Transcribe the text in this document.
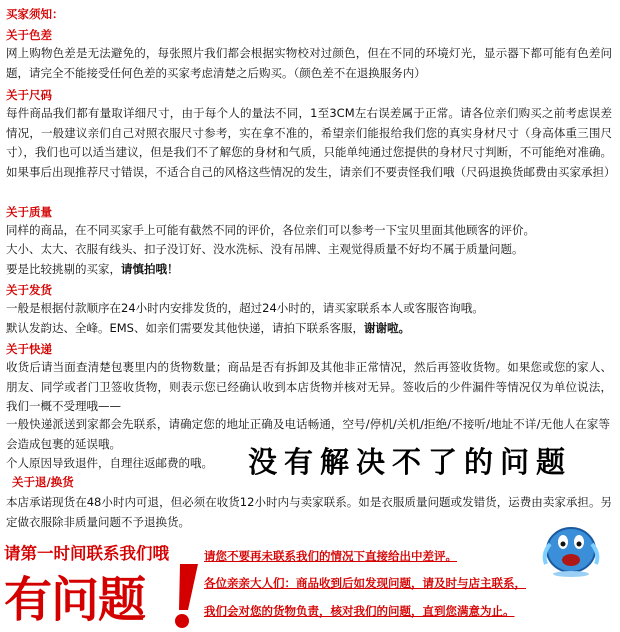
买家须知：
关于色差
网上购物色差是无法避免的，每张照片我们都会根据实物校对过颜色，但在不同的环境灯光，显示器下都可能有色差问题，请完全不能接受任何色差的买家考虑清楚之后购买。（颜色差不在退换服务内）
关于尺码
每件商品我们都有量取详细尺寸，由于每个人的量法不同，1至3CM左右误差属于正常。请各位亲们购买之前考虑误差情况，一般建议亲们自己对照衣服尺寸参考，实在拿不准的，希望亲们能报给我们您的真实身材尺寸（身高体重三围尺寸），我们也可以适当建议，但是我们不了解您的身材和气质，只能单纯通过您提供的身材尺寸判断，不可能绝对准确。如果事后出现推荐尺寸错误，不适合自己的风格这些情况的发生，请亲们不要责怪我们哦（尺码退换货邮费由买家承担）
关于质量
同样的商品，在不同买家手上可能有截然不同的评价，各位亲们可以参考一下宝贝里面其他顾客的评价。
大小、太大、衣服有线头、扣子没订好、没水洗标、没有吊牌、主观觉得质量不好均不属于质量问题。
要是比较挑剔的买家，请慎拍哦！
关于发货
一般是根据付款顺序在24小时内安排发货的，超过24小时的，请买家联系本人或客服咨询哦。
默认发韵达、全峰。EMS、如亲们需要发其他快递，请拍下联系客服，谢谢啦。
关于快递
收货后请当面查清楚包裹里内的货物数量；商品是否有拆卸及其他非正常情况，然后再签收货物。如果您或您的家人、朋友、同学或者门卫签收货物，则表示您已经确认收到本店货物并核对无异。签收后的少件漏件等情况仅为单位说法，我们一概不受理哦——
一般快递派送到家都会先联系，请确定您的地址正确及电话畅通，空号/停机/关机/拒绝/不接听/地址不详/无他人在家等会造成包裹的延误哦。
个人原因导致退件，自理往返邮费的哦。	没有解决不了的问题
关于退/换货
本店承诺现货在48小时内可退，但必须在收货12小时内与卖家联系。如是衣服质量问题或发错货，运费由卖家承担。另定做衣服除非质量问题不予退换货。
请第一时间联系我们哦
有问题
请您不要再未联系我们的情况下直接给出中差评。
各位亲亲大人们：商品收到后如发现问题，请及时与店主联系，
我们会对您的货物负责，核对我们的问题，直到您满意为止。
